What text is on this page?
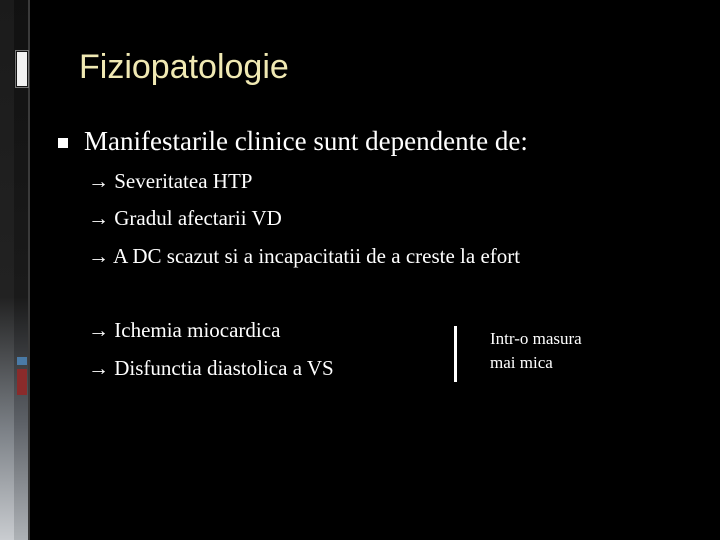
Fiziopatologie
Manifestarile clinice sunt dependente de:
→ Severitatea HTP
→ Gradul afectarii VD
→ A DC scazut si a incapacitatii de a creste la efort
→ Ichemia miocardica
→ Disfunctia diastolica a VS
Intr-o masura
mai mica
